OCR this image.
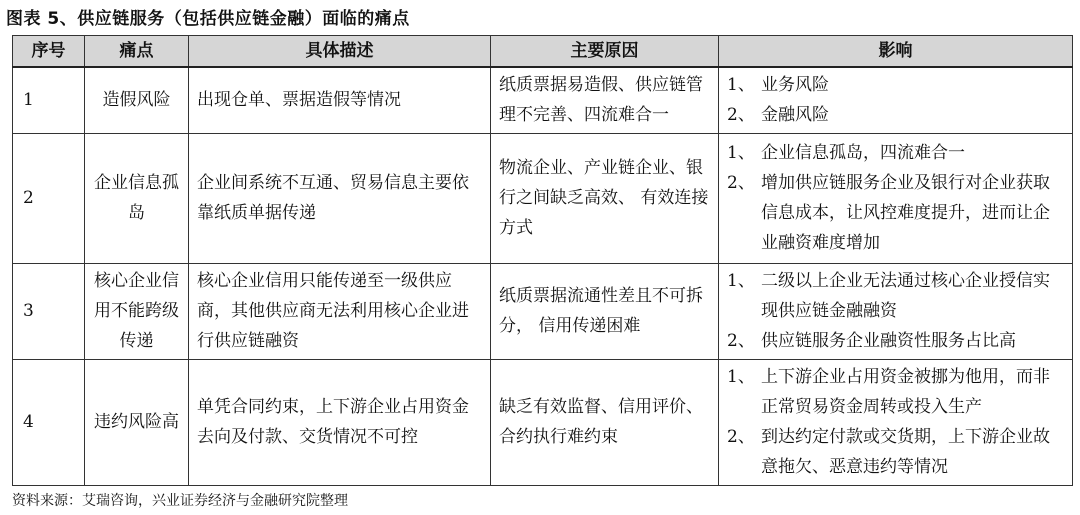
图表 5、供应链服务（包括供应链金融）面临的痛点
序号	痛点	具体描述	主要原因	影响
1	造假风险	出现仓单、票据造假等情况	纸质票据易造假、供应链管理不完善、四流难合一	1、 业务风险
2、 金融风险

2	企业信息孤岛	企业间系统不互通、贸易信息主要依靠纸质单据传递	物流企业、产业链企业、银行之间缺乏高效、 有效连接方式	1、 企业信息孤岛，四流难合一
2、 增加供应链服务企业及银行对企业获取信息成本，让风控难度提升，进而让企业融资难度增加

3	核心企业信用不能跨级传递	核心企业信用只能传递至一级供应商，其他供应商无法利用核心企业进行供应链融资	纸质票据流通性差且不可拆分， 信用传递困难	1、 二级以上企业无法通过核心企业授信实现供应链金融融资
2、 供应链服务企业融资性服务占比高

4	违约风险高	单凭合同约束，上下游企业占用资金去向及付款、交货情况不可控	缺乏有效监督、信用评价、 合约执行难约束	1、 上下游企业占用资金被挪为他用，而非正常贸易资金周转或投入生产
2、 到达约定付款或交货期，上下游企业故意拖欠、恶意违约等情况
资料来源：艾瑞咨询，兴业证券经济与金融研究院整理
